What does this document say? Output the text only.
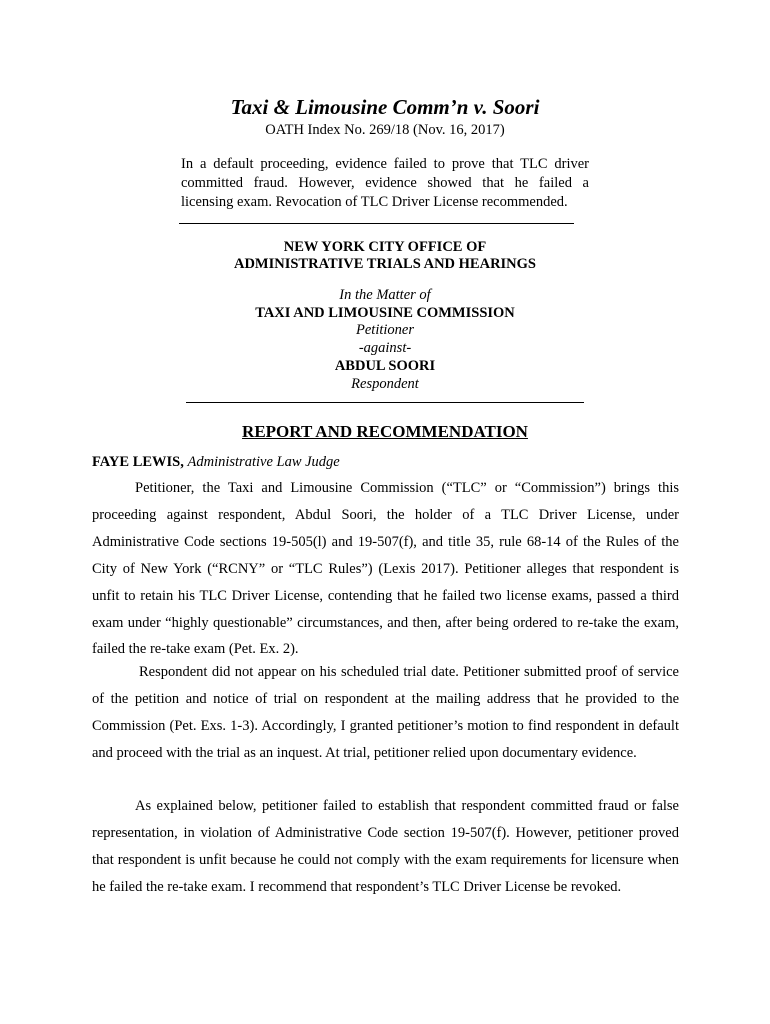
Taxi & Limousine Comm’n v. Soori
OATH Index No. 269/18 (Nov. 16, 2017)
In a default proceeding, evidence failed to prove that TLC driver committed fraud. However, evidence showed that he failed a licensing exam. Revocation of TLC Driver License recommended.
NEW YORK CITY OFFICE OF
ADMINISTRATIVE TRIALS AND HEARINGS
In the Matter of
TAXI AND LIMOUSINE COMMISSION
Petitioner
-against-
ABDUL SOORI
Respondent
REPORT AND RECOMMENDATION
FAYE LEWIS, Administrative Law Judge

Petitioner, the Taxi and Limousine Commission (“TLC” or “Commission”) brings this proceeding against respondent, Abdul Soori, the holder of a TLC Driver License, under Administrative Code sections 19-505(l) and 19-507(f), and title 35, rule 68-14 of the Rules of the City of New York (“RCNY” or “TLC Rules”) (Lexis 2017). Petitioner alleges that respondent is unfit to retain his TLC Driver License, contending that he failed two license exams, passed a third exam under “highly questionable” circumstances, and then, after being ordered to re-take the exam, failed the re-take exam (Pet. Ex. 2).

Respondent did not appear on his scheduled trial date. Petitioner submitted proof of service of the petition and notice of trial on respondent at the mailing address that he provided to the Commission (Pet. Exs. 1-3). Accordingly, I granted petitioner’s motion to find respondent in default and proceed with the trial as an inquest. At trial, petitioner relied upon documentary evidence.

As explained below, petitioner failed to establish that respondent committed fraud or false representation, in violation of Administrative Code section 19-507(f). However, petitioner proved that respondent is unfit because he could not comply with the exam requirements for licensure when he failed the re-take exam. I recommend that respondent’s TLC Driver License be revoked.
